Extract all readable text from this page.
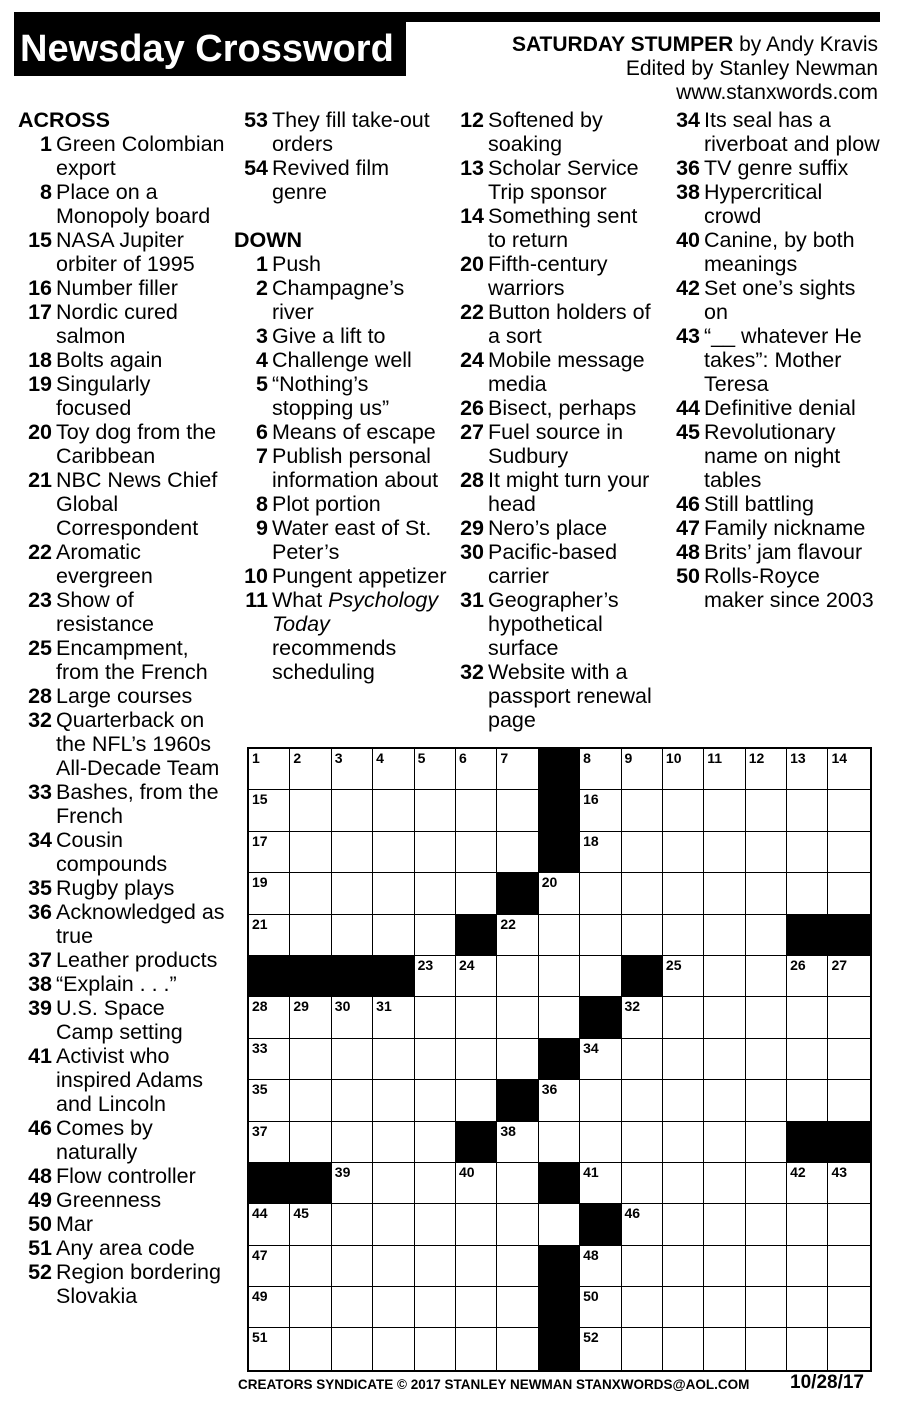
Newsday Crossword	SATURDAY STUMPER by Andy Kravis
Edited by Stanley Newman
www.stanxwords.com
ACROSS
1 Green Colombian export
8 Place on a Monopoly board
15 NASA Jupiter orbiter of 1995
16 Number filler
17 Nordic cured salmon
18 Bolts again
19 Singularly focused
20 Toy dog from the Caribbean
21 NBC News Chief Global Correspondent
22 Aromatic evergreen
23 Show of resistance
25 Encampment, from the French
28 Large courses
32 Quarterback on the NFL’s 1960s All-Decade Team
33 Bashes, from the French
34 Cousin compounds
35 Rugby plays
36 Acknowledged as true
37 Leather products
38 “Explain . . .”
39 U.S. Space Camp setting
41 Activist who inspired Adams and Lincoln
46 Comes by naturally
48 Flow controller
49 Greenness
50 Mar
51 Any area code
52 Region bordering Slovakia
53 They fill take-out orders
54 Revived film genre
DOWN
1 Push
2 Champagne’s river
3 Give a lift to
4 Challenge well
5 “Nothing’s stopping us”
6 Means of escape
7 Publish personal information about
8 Plot portion
9 Water east of St. Peter’s
10 Pungent appetizer
11 What Psychology Today recommends scheduling
12 Softened by soaking
13 Scholar Service Trip sponsor
14 Something sent to return
20 Fifth-century warriors
22 Button holders of a sort
24 Mobile message media
26 Bisect, perhaps
27 Fuel source in Sudbury
28 It might turn your head
29 Nero’s place
30 Pacific-based carrier
31 Geographer’s hypothetical surface
32 Website with a passport renewal page
34 Its seal has a riverboat and plow
36 TV genre suffix
38 Hypercritical crowd
40 Canine, by both meanings
42 Set one’s sights on
43 “__ whatever He takes”: Mother Teresa
44 Definitive denial
45 Revolutionary name on night tables
46 Still battling
47 Family nickname
48 Brits’ jam flavour
50 Rolls-Royce maker since 2003
1 2 3 4 5 6 7	8 9 10 11 12 13 14
15	16
17	18
19	20
21	22
23 24	25	26 27
28 29 30 31	32
33	34
35	36
37	38
39	40	41	42 43
44 45	46
47	48
49	50
51	52
CREATORS SYNDICATE © 2017 STANLEY NEWMAN STANXWORDS@AOL.COM 10/28/17
